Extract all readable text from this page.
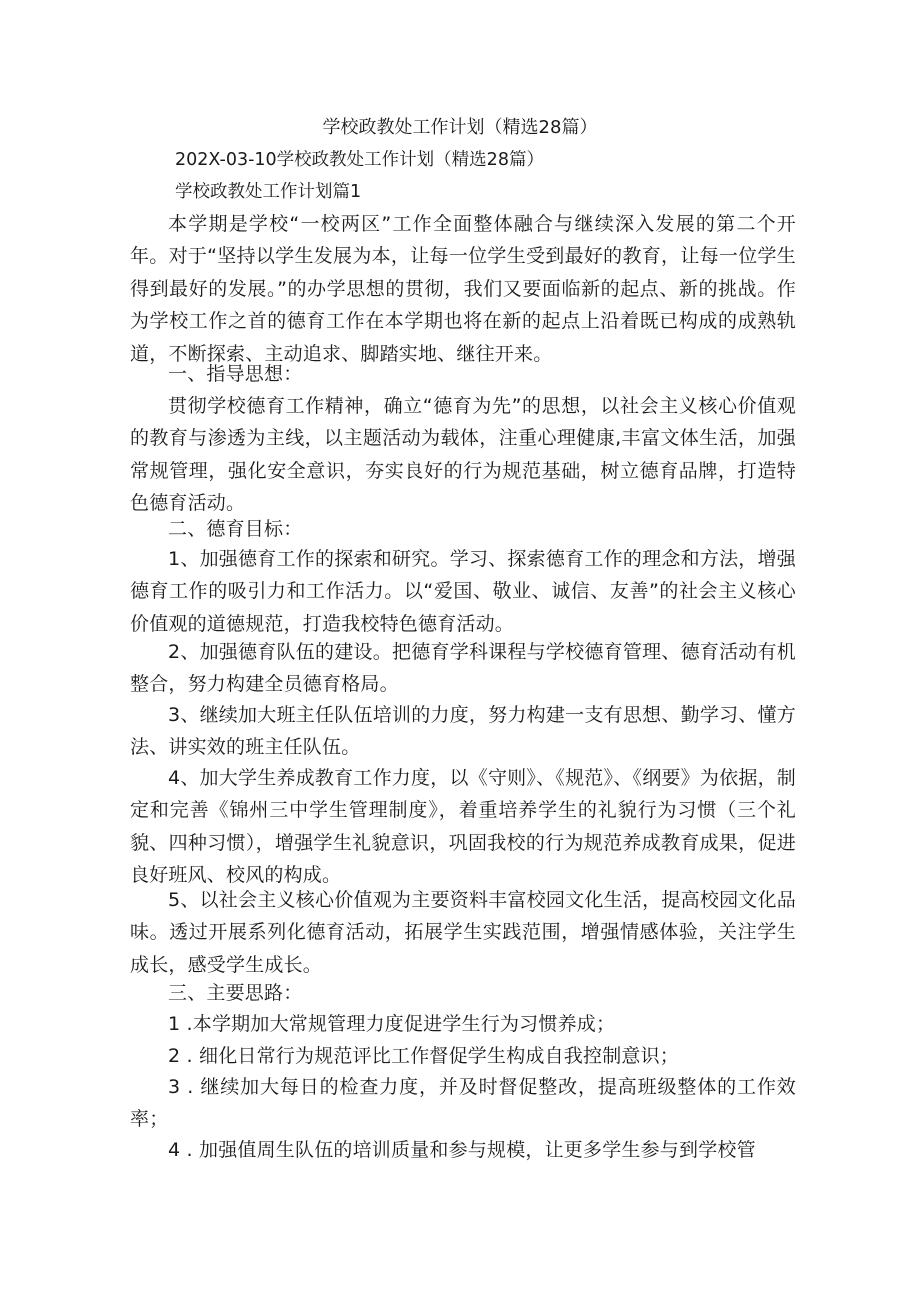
学校政教处工作计划（精选28篇）
202X-03-10学校政教处工作计划（精选28篇）
学校政教处工作计划篇1
本学期是学校“一校两区”工作全面整体融合与继续深入发展的第二个开年。对于“坚持以学生发展为本，让每一位学生受到最好的教育，让每一位学生得到最好的发展。”的办学思想的贯彻，我们又要面临新的起点、新的挑战。作为学校工作之首的德育工作在本学期也将在新的起点上沿着既已构成的成熟轨道，不断探索、主动追求、脚踏实地、继往开来。
一、指导思想：
贯彻学校德育工作精神，确立“德育为先”的思想，以社会主义核心价值观的教育与渗透为主线，以主题活动为载体，注重心理健康,丰富文体生活，加强常规管理，强化安全意识，夯实良好的行为规范基础，树立德育品牌，打造特色德育活动。
二、德育目标：
1、加强德育工作的探索和研究。学习、探索德育工作的理念和方法，增强德育工作的吸引力和工作活力。以“爱国、敬业、诚信、友善”的社会主义核心价值观的道德规范，打造我校特色德育活动。
2、加强德育队伍的建设。把德育学科课程与学校德育管理、德育活动有机整合，努力构建全员德育格局。
3、继续加大班主任队伍培训的力度，努力构建一支有思想、勤学习、懂方法、讲实效的班主任队伍。
4、加大学生养成教育工作力度，以《守则》、《规范》、《纲要》为依据，制定和完善《锦州三中学生管理制度》，着重培养学生的礼貌行为习惯（三个礼貌、四种习惯），增强学生礼貌意识，巩固我校的行为规范养成教育成果，促进良好班风、校风的构成。
5、以社会主义核心价值观为主要资料丰富校园文化生活，提高校园文化品味。透过开展系列化德育活动，拓展学生实践范围，增强情感体验，关注学生成长，感受学生成长。
三、主要思路：
1 .本学期加大常规管理力度促进学生行为习惯养成；
2 . 细化日常行为规范评比工作督促学生构成自我控制意识；
3 . 继续加大每日的检查力度，并及时督促整改，提高班级整体的工作效率；
4 . 加强值周生队伍的培训质量和参与规模，让更多学生参与到学校管
